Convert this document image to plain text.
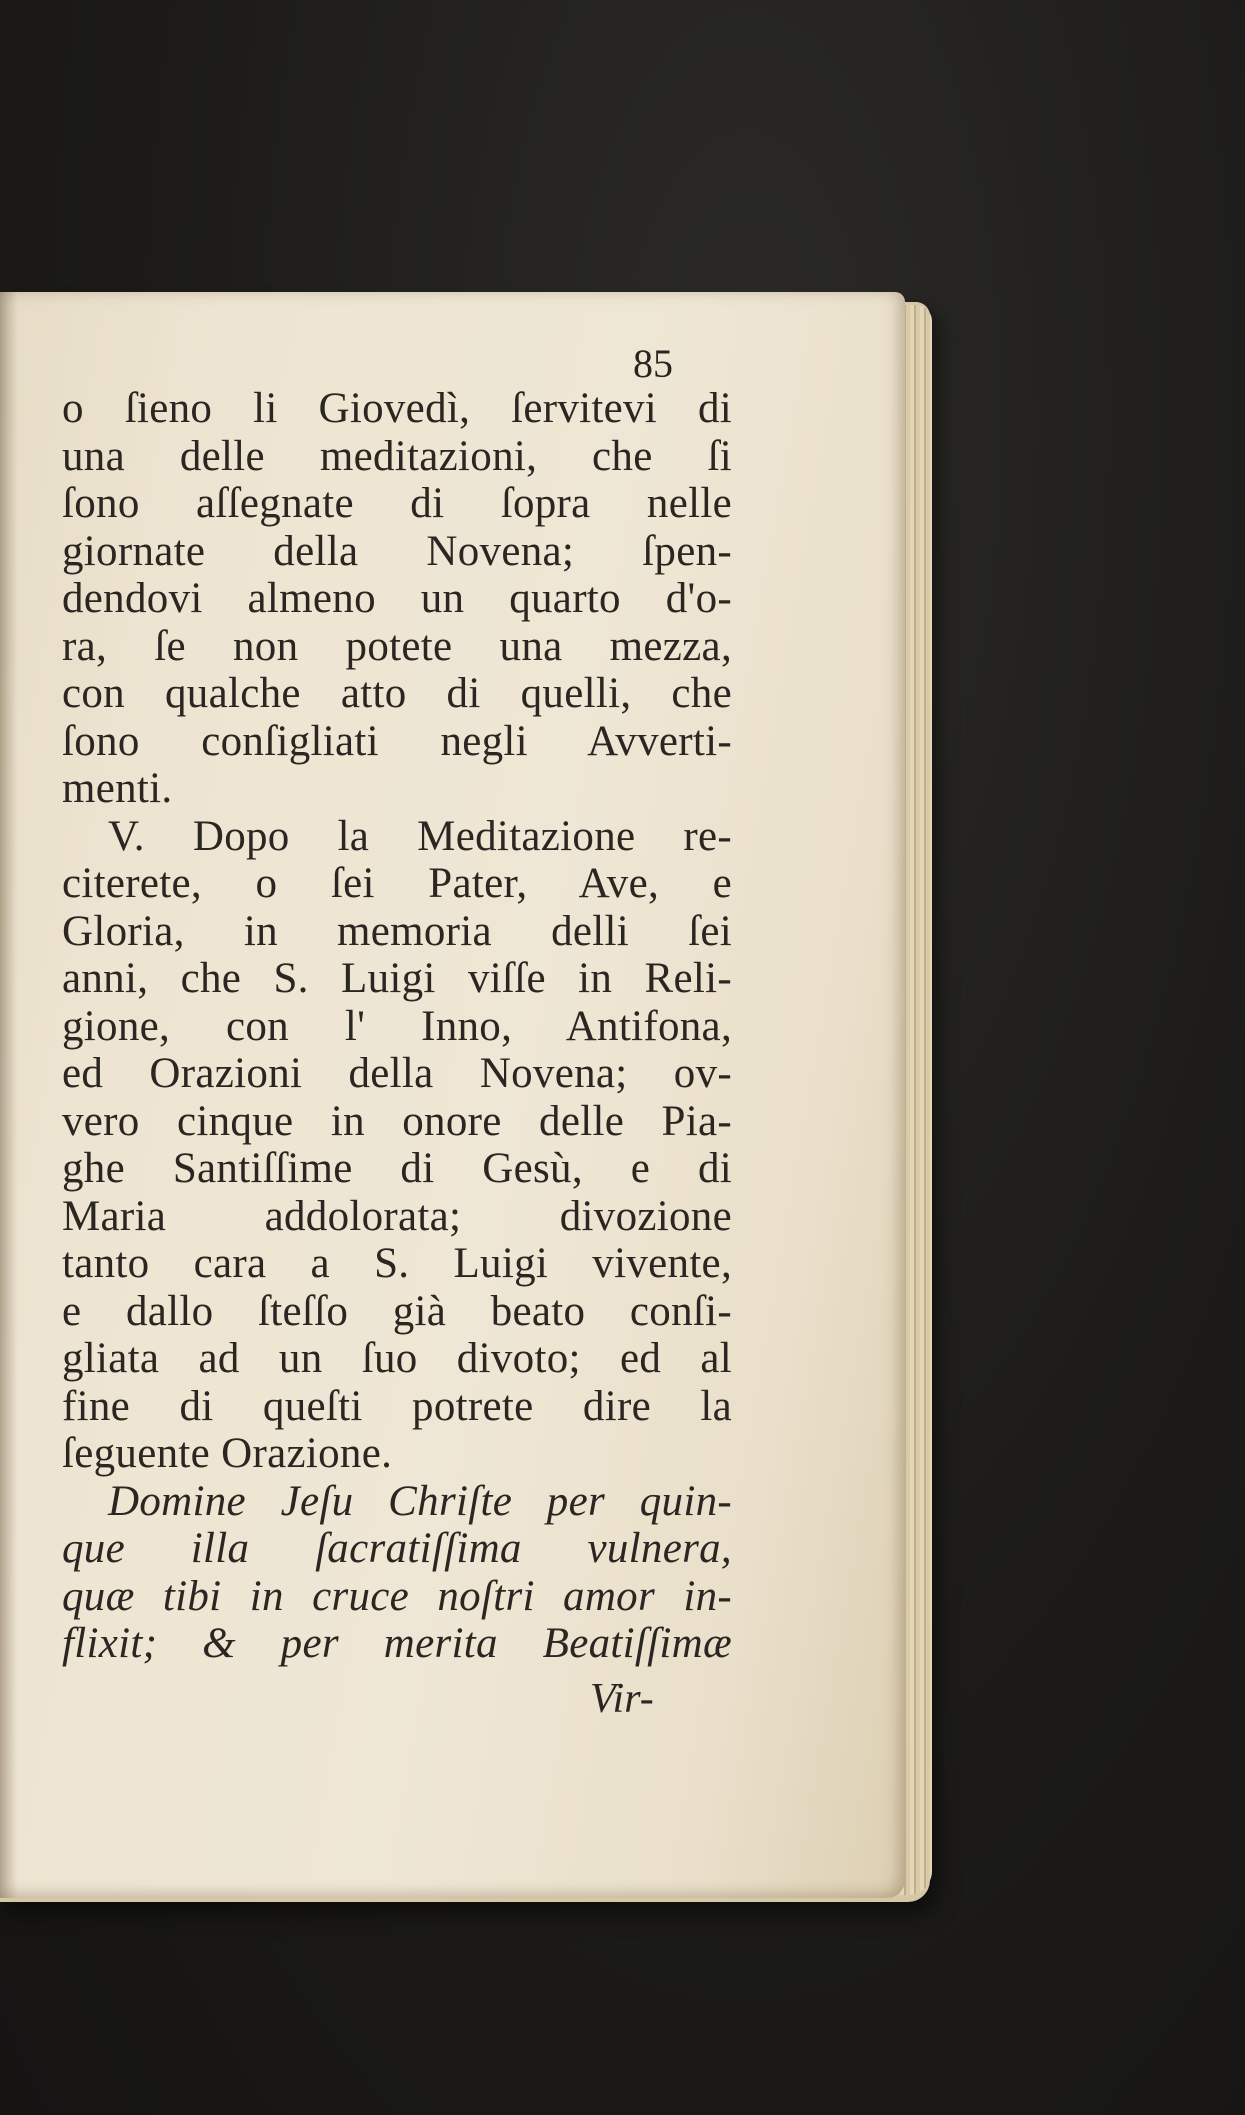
85
o ſieno li Giovedì, ſervitevi di
una delle meditazioni, che ſi
ſono aſſegnate di ſopra nelle
giornate della Novena; ſpen-
dendovi almeno un quarto d'o-
ra, ſe non potete una mezza,
con qualche atto di quelli, che
ſono conſigliati negli Avverti-
menti.
V. Dopo la Meditazione re-
citerete, o ſei Pater, Ave, e
Gloria, in memoria delli ſei
anni, che S. Luigi viſſe in Reli-
gione, con l' Inno, Antifona,
ed Orazioni della Novena; ov-
vero cinque in onore delle Pia-
ghe Santiſſime di Gesù, e di
Maria addolorata; divozione
tanto cara a S. Luigi vivente,
e dallo ſteſſo già beato conſi-
gliata ad un ſuo divoto; ed al
fine di queſti potrete dire la
ſeguente Orazione.
Domine Jeſu Chriſte per quin-
que illa ſacratiſſima vulnera,
quæ tibi in cruce noſtri amor in-
flixit; & per merita Beatiſſimæ
Vir-
